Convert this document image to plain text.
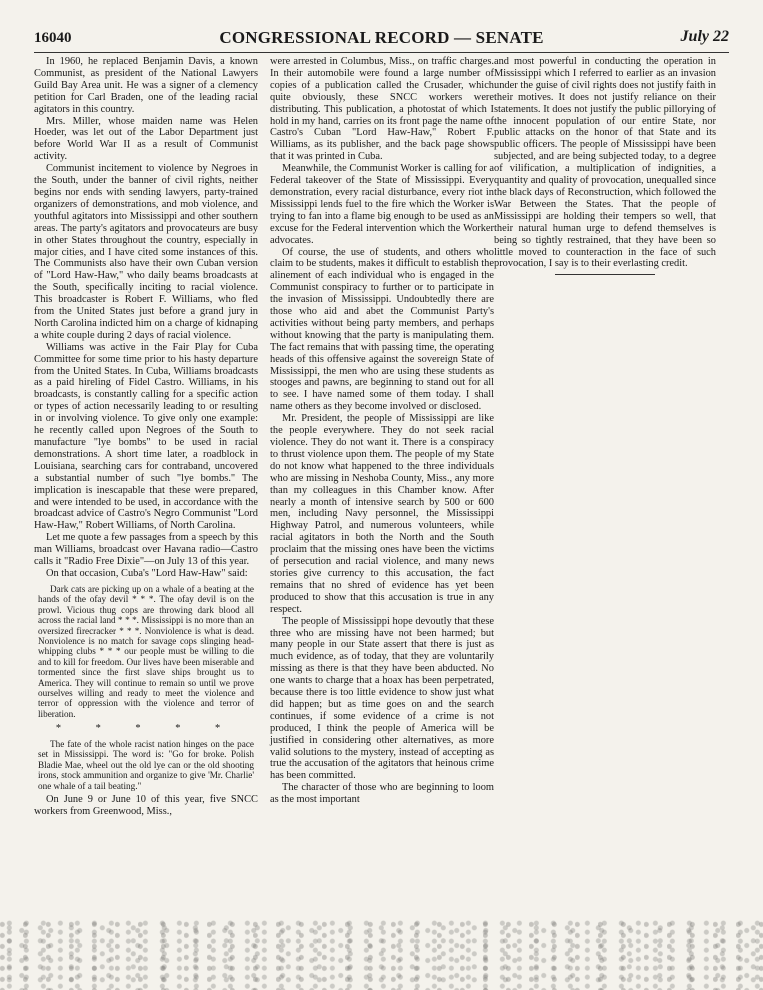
16040	CONGRESSIONAL RECORD — SENATE	July 22

In 1960, he replaced Benjamin Davis, a known Communist, as president of the National Lawyers Guild Bay Area unit. He was a signer of a clemency petition for Carl Braden, one of the leading racial agitators in this country.

Mrs. Miller, whose maiden name was Helen Hoeder, was let out of the Labor Department just before World War II as a result of Communist activity.

Communist incitement to violence by Negroes in the South, under the banner of civil rights, neither begins nor ends with sending lawyers, party-trained organizers of demonstrations, and mob violence, and youthful agitators into Mississippi and other southern areas. The party's agitators and provocateurs are busy in other States throughout the country, especially in major cities, and I have cited some instances of this. The Communists also have their own Cuban version of "Lord Haw-Haw," who daily beams broadcasts at the South, specifically inciting to racial violence. This broadcaster is Robert F. Williams, who fled from the United States just before a grand jury in North Carolina indicted him on a charge of kidnaping a white couple during 2 days of racial violence.

Williams was active in the Fair Play for Cuba Committee for some time prior to his hasty departure from the United States. In Cuba, Williams broadcasts as a paid hireling of Fidel Castro. Williams, in his broadcasts, is constantly calling for a specific action or types of action necessarily leading to or resulting in or involving violence. To give only one example: he recently called upon Negroes of the South to manufacture "lye bombs" to be used in racial demonstrations. A short time later, a roadblock in Louisiana, searching cars for contraband, uncovered a substantial number of such "lye bombs." The implication is inescapable that these were prepared, and were intended to be used, in accordance with the broadcast advice of Castro's Negro Communist "Lord Haw-Haw," Robert Williams, of North Carolina.

Let me quote a few passages from a speech by this man Williams, broadcast over Havana radio—Castro calls it "Radio Free Dixie"—on July 13 of this year.

On that occasion, Cuba's "Lord Haw-Haw" said:

Dark cats are picking up on a whale of a beating at the hands of the ofay devil * * *. The ofay devil is on the prowl. Vicious thug cops are throwing dark blood all across the racial land * * *. Mississippi is no more than an oversized firecracker * * *. Nonviolence is what is dead. Nonviolence is no match for savage cops slinging head-whipping clubs * * * our people must be willing to die and to kill for freedom. Our lives have been miserable and tormented since the first slave ships brought us to America. They will continue to remain so until we prove ourselves willing and ready to meet the violence and terror of oppression with the violence and terror of liberation.

* * * * *

The fate of the whole racist nation hinges on the pace set in Mississippi. The word is: "Go for broke. Polish Bladie Mae, wheel out the old lye can or the old shooting irons, stock ammunition and organize to give 'Mr. Charlie' one whale of a tail beating."

On June 9 or June 10 of this year, five SNCC workers from Greenwood, Miss.,

were arrested in Columbus, Miss., on traffic charges. In their automobile were found a large number of copies of a publication called the Crusader, which quite obviously, these SNCC workers were distributing. This publication, a photostat of which I hold in my hand, carries on its front page the name of Castro's Cuban "Lord Haw-Haw," Robert F. Williams, as its publisher, and the back page shows that it was printed in Cuba.

Meanwhile, the Communist Worker is calling for a Federal takeover of the State of Mississippi. Every demonstration, every racial disturbance, every riot in Mississippi lends fuel to the fire which the Worker is trying to fan into a flame big enough to be used as an excuse for the Federal intervention which the Worker advocates.

Of course, the use of students, and others who claim to be students, makes it difficult to establish the alinement of each individual who is engaged in the Communist conspiracy to further or to participate in the invasion of Mississippi. Undoubtedly there are those who aid and abet the Communist Party's activities without being party members, and perhaps without knowing that the party is manipulating them. The fact remains that with passing time, the operating heads of this offensive against the sovereign State of Mississippi, the men who are using these students as stooges and pawns, are beginning to stand out for all to see. I have named some of them today. I shall name others as they become involved or disclosed.

Mr. President, the people of Mississippi are like the people everywhere. They do not seek racial violence. They do not want it. There is a conspiracy to thrust violence upon them. The people of my State do not know what happened to the three individuals who are missing in Neshoba County, Miss., any more than my colleagues in this Chamber know. After nearly a month of intensive search by 500 or 600 men, including Navy personnel, the Mississippi Highway Patrol, and numerous volunteers, while racial agitators in both the North and the South proclaim that the missing ones have been the victims of persecution and racial violence, and many news stories give currency to this accusation, the fact remains that no shred of evidence has yet been produced to show that this accusation is true in any respect.

The people of Mississippi hope devoutly that these three who are missing have not been harmed; but many people in our State assert that there is just as much evidence, as of today, that they are voluntarily missing as there is that they have been abducted. No one wants to charge that a hoax has been perpetrated, because there is too little evidence to show just what did happen; but as time goes on and the search continues, if some evidence of a crime is not produced, I think the people of America will be justified in considering other alternatives, as more valid solutions to the mystery, instead of accepting as true the accusation of the agitators that heinous crime has been committed.

The character of those who are beginning to loom as the most important

and most powerful in conducting the operation in Mississippi which I referred to earlier as an invasion under the guise of civil rights does not justify faith in their motives. It does not justify reliance on their statements. It does not justify the public pillorying of the innocent population of our entire State, nor public attacks on the honor of that State and its public officers. The people of Mississippi have been subjected, and are being subjected today, to a degree of vilification, a multiplication of indignities, a quantity and quality of provocation, unequalled since the black days of Reconstruction, which followed the War Between the States. That the people of Mississippi are holding their tempers so well, that their natural human urge to defend themselves is being so tightly restrained, that they have been so little moved to counteraction in the face of such provocation, I say is to their everlasting credit.
